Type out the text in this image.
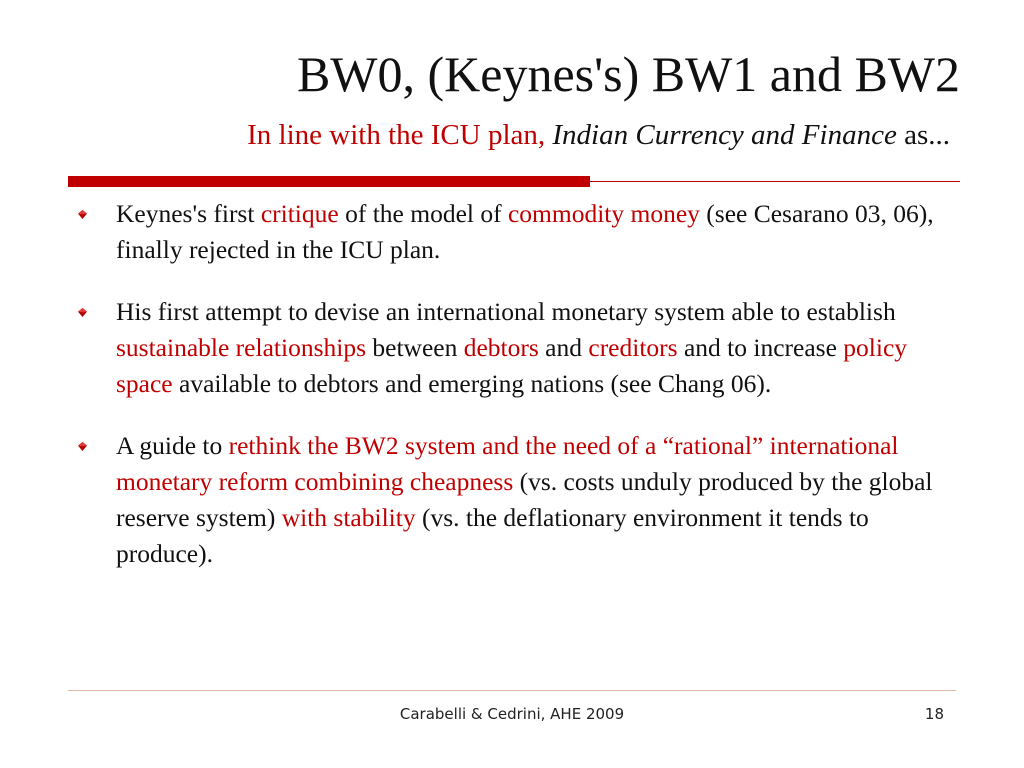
BW0, (Keynes's) BW1 and BW2
In line with the ICU plan, Indian Currency and Finance as...
Keynes's first critique of the model of commodity money (see Cesarano 03, 06), finally rejected in the ICU plan.
His first attempt to devise an international monetary system able to establish sustainable relationships between debtors and creditors and to increase policy space available to debtors and emerging nations (see Chang 06).
A guide to rethink the BW2 system and the need of a “rational” international monetary reform combining cheapness (vs. costs unduly produced by the global reserve system) with stability (vs. the deflationary environment it tends to produce).
Carabelli & Cedrini, AHE 2009	18
